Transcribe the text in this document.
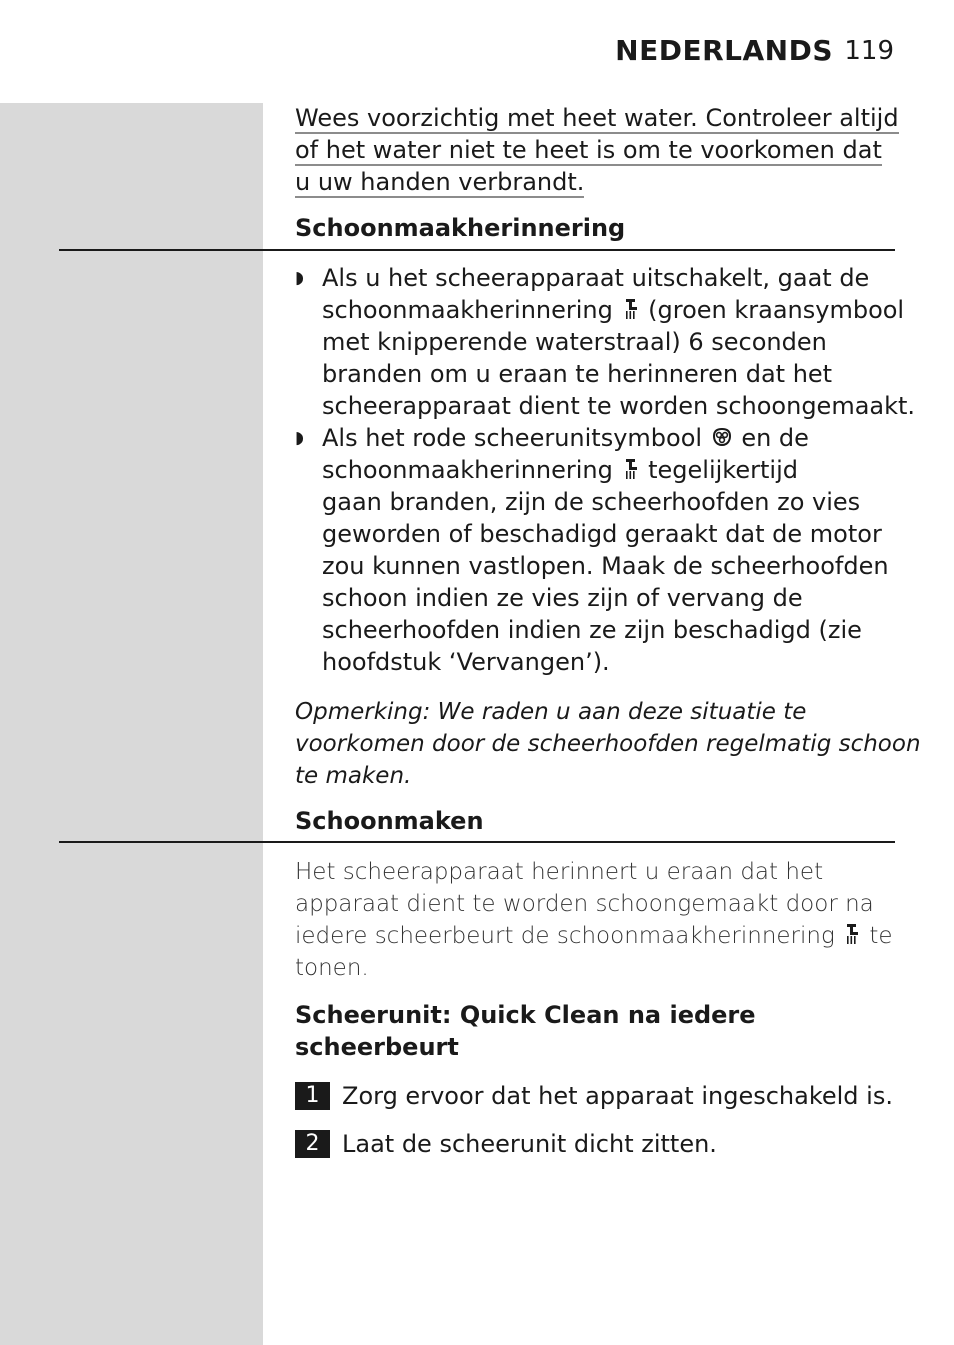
NEDERLANDS 119
Wees voorzichtig met heet water. Controleer altijd
of het water niet te heet is om te voorkomen dat
u uw handen verbrandt.
Schoonmaakherinnering
◗ Als u het scheerapparaat uitschakelt, gaat de
schoonmaakherinnering  (groen kraansymbool
met knipperende waterstraal) 6 seconden
branden om u eraan te herinneren dat het
scheerapparaat dient te worden schoongemaakt.
◗ Als het rode scheerunitsymbool  en de
schoonmaakherinnering  tegelijkertijd
gaan branden, zijn de scheerhoofden zo vies
geworden of beschadigd geraakt dat de motor
zou kunnen vastlopen. Maak de scheerhoofden
schoon indien ze vies zijn of vervang de
scheerhoofden indien ze zijn beschadigd (zie
hoofdstuk ‘Vervangen’).
Opmerking: We raden u aan deze situatie te
voorkomen door de scheerhoofden regelmatig schoon
te maken.
Schoonmaken
Het scheerapparaat herinnert u eraan dat het
apparaat dient te worden schoongemaakt door na
iedere scheerbeurt de schoonmaakherinnering  te
tonen.
Scheerunit: Quick Clean na iedere
scheerbeurt
1 Zorg ervoor dat het apparaat ingeschakeld is.
2 Laat de scheerunit dicht zitten.
